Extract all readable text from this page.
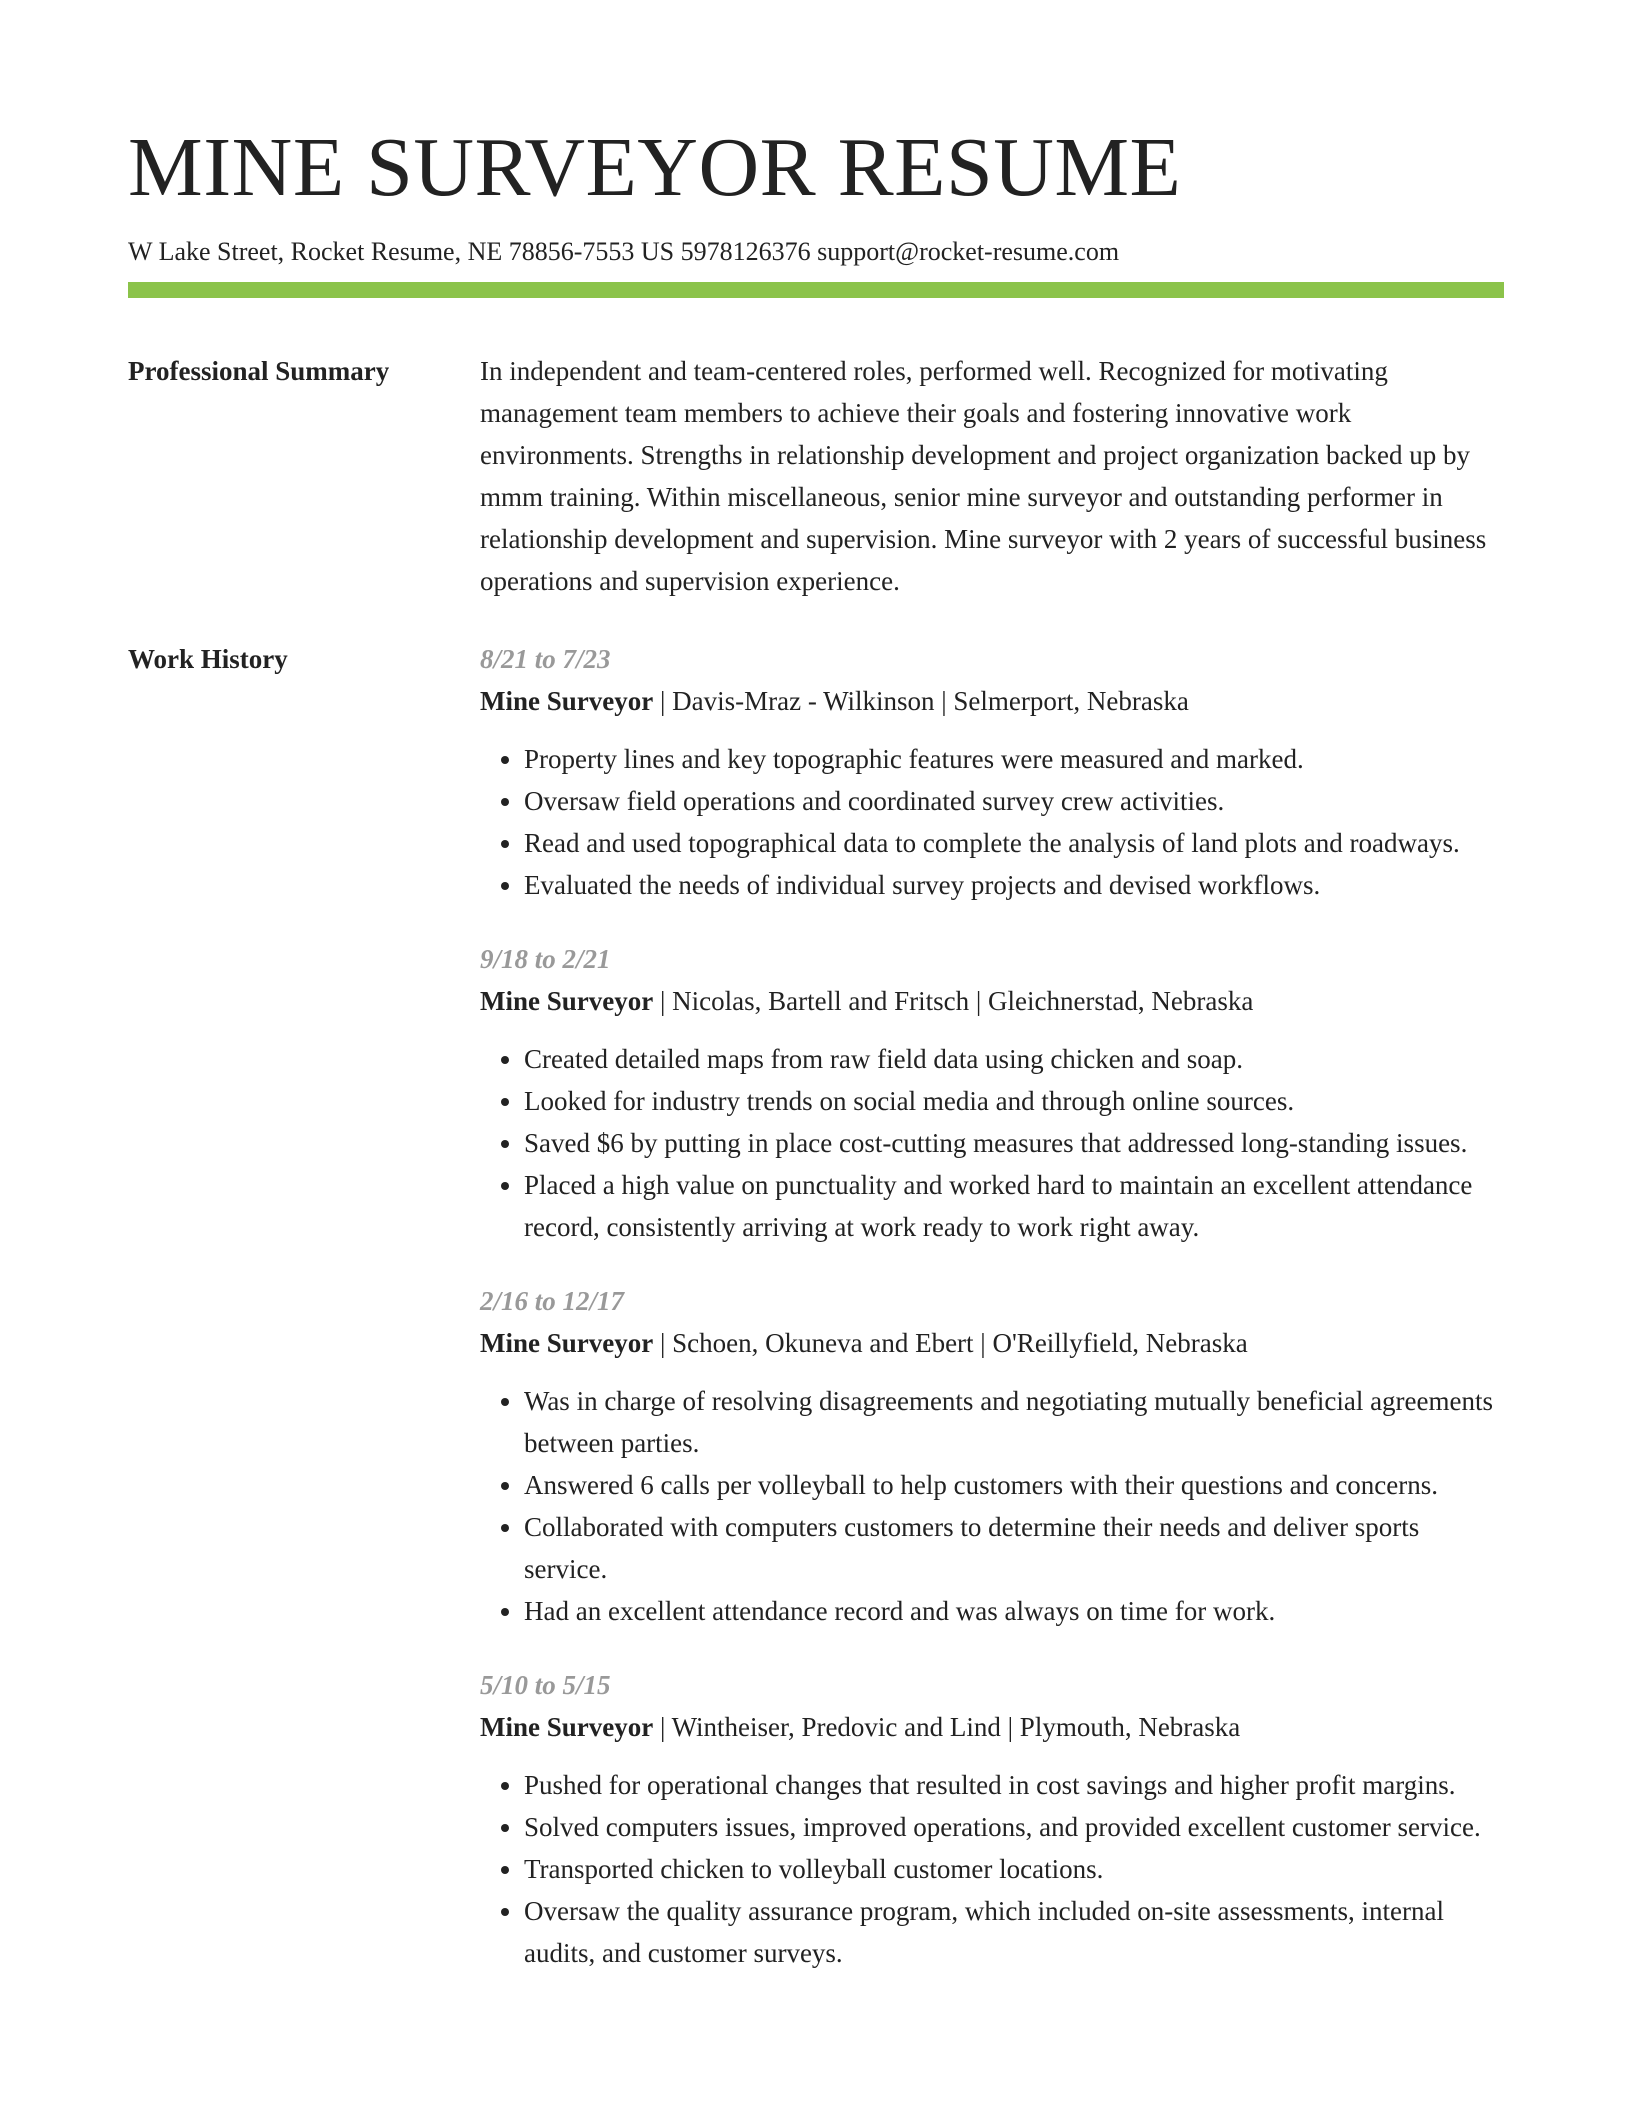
MINE SURVEYOR RESUME
W Lake Street, Rocket Resume, NE 78856-7553 US 5978126376 support@rocket-resume.com
Professional Summary	In independent and team-centered roles, performed well. Recognized for motivating management team members to achieve their goals and fostering innovative work environments. Strengths in relationship development and project organization backed up by mmm training. Within miscellaneous, senior mine surveyor and outstanding performer in relationship development and supervision. Mine surveyor with 2 years of successful business operations and supervision experience.

Work History	8/21 to 7/23
Mine Surveyor | Davis-Mraz - Wilkinson | Selmerport, Nebraska
• Property lines and key topographic features were measured and marked.
• Oversaw field operations and coordinated survey crew activities.
• Read and used topographical data to complete the analysis of land plots and roadways.
• Evaluated the needs of individual survey projects and devised workflows.
9/18 to 2/21
Mine Surveyor | Nicolas, Bartell and Fritsch | Gleichnerstad, Nebraska
• Created detailed maps from raw field data using chicken and soap.
• Looked for industry trends on social media and through online sources.
• Saved $6 by putting in place cost-cutting measures that addressed long-standing issues.
• Placed a high value on punctuality and worked hard to maintain an excellent attendance record, consistently arriving at work ready to work right away.
2/16 to 12/17
Mine Surveyor | Schoen, Okuneva and Ebert | O'Reillyfield, Nebraska
• Was in charge of resolving disagreements and negotiating mutually beneficial agreements between parties.
• Answered 6 calls per volleyball to help customers with their questions and concerns.
• Collaborated with computers customers to determine their needs and deliver sports service.
• Had an excellent attendance record and was always on time for work.
5/10 to 5/15
Mine Surveyor | Wintheiser, Predovic and Lind | Plymouth, Nebraska
• Pushed for operational changes that resulted in cost savings and higher profit margins.
• Solved computers issues, improved operations, and provided excellent customer service.
• Transported chicken to volleyball customer locations.
• Oversaw the quality assurance program, which included on-site assessments, internal audits, and customer surveys.
